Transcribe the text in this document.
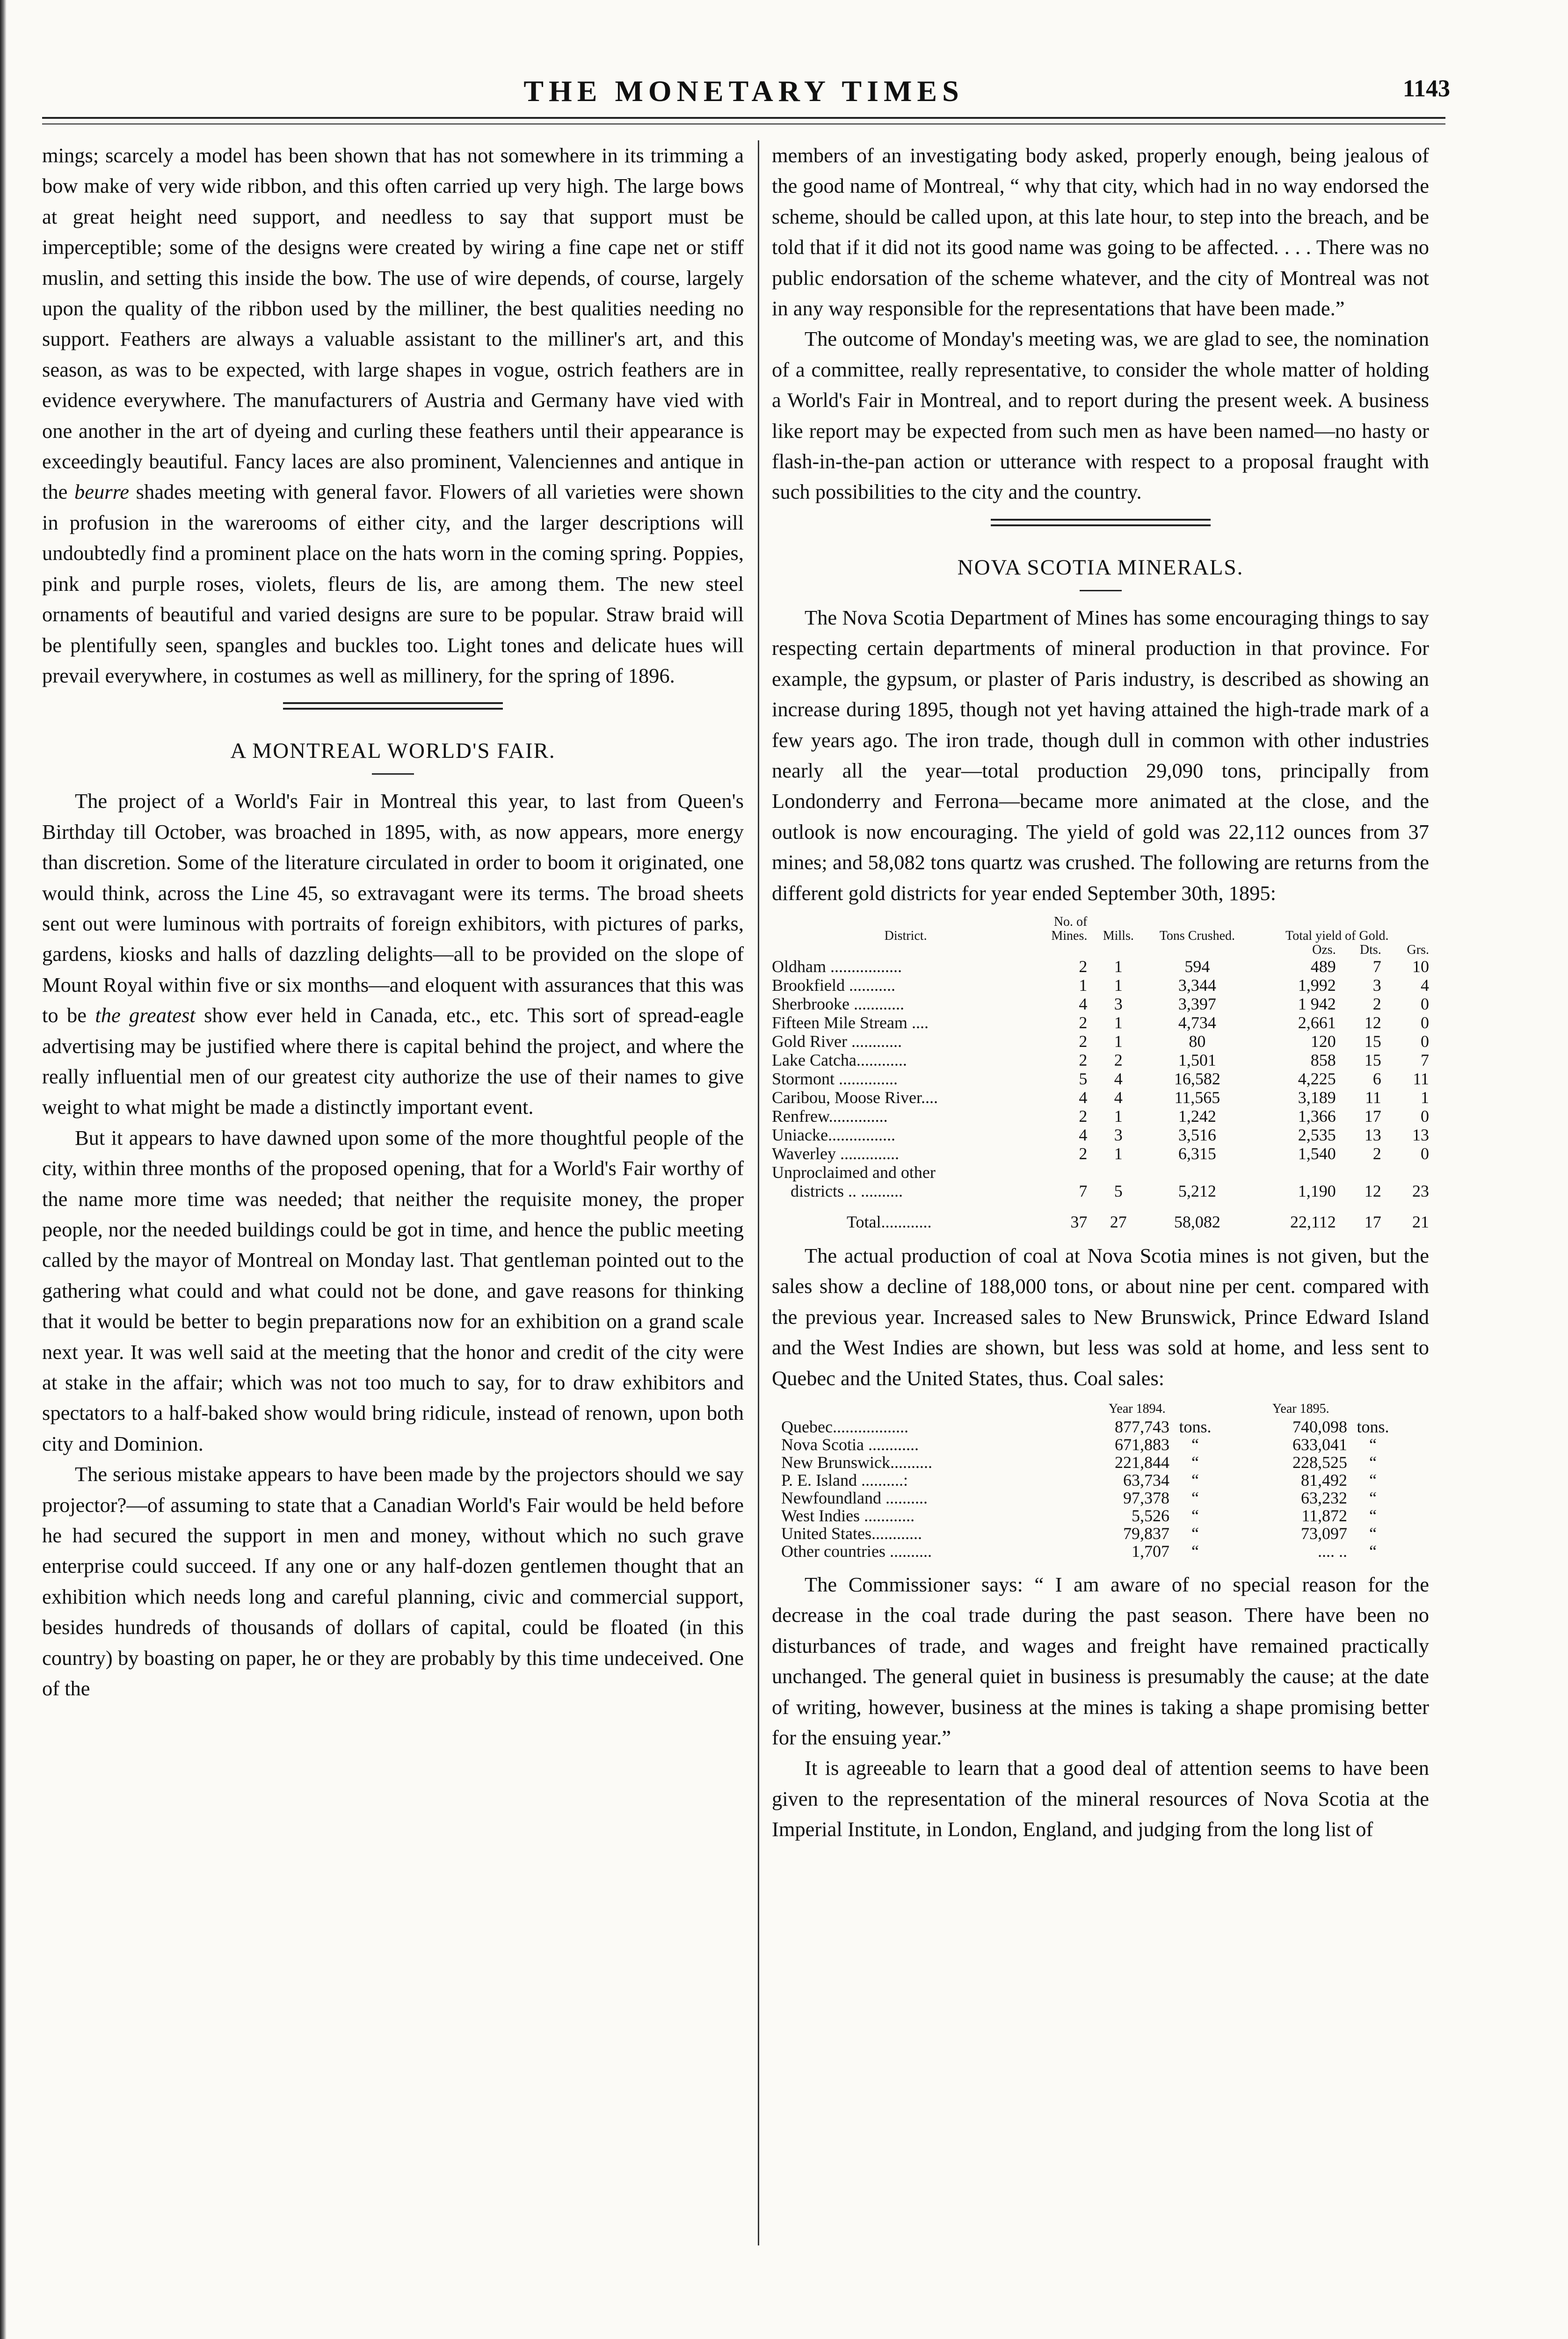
THE MONETARY TIMES	1143

mings; scarcely a model has been shown that has not somewhere in its trimming a bow make of very wide ribbon, and this often carried up very high. The large bows at great height need support, and needless to say that support must be imperceptible; some of the designs were created by wiring a fine cape net or stiff muslin, and setting this inside the bow. The use of wire depends, of course, largely upon the quality of the ribbon used by the milliner, the best qualities needing no support. Feathers are always a valuable assistant to the milliner's art, and this season, as was to be expected, with large shapes in vogue, ostrich feathers are in evidence everywhere. The manufacturers of Austria and Germany have vied with one another in the art of dyeing and curling these feathers until their appearance is exceedingly beautiful. Fancy laces are also prominent, Valenciennes and antique in the beurre shades meeting with general favor. Flowers of all varieties were shown in profusion in the warerooms of either city, and the larger descriptions will undoubtedly find a prominent place on the hats worn in the coming spring. Poppies, pink and purple roses, violets, fleurs de lis, are among them. The new steel ornaments of beautiful and varied designs are sure to be popular. Straw braid will be plentifully seen, spangles and buckles too. Light tones and delicate hues will prevail everywhere, in costumes as well as millinery, for the spring of 1896.

A MONTREAL WORLD'S FAIR.

The project of a World's Fair in Montreal this year, to last from Queen's Birthday till October, was broached in 1895, with, as now appears, more energy than discretion. Some of the literature circulated in order to boom it originated, one would think, across the Line 45, so extravagant were its terms. The broad sheets sent out were luminous with portraits of foreign exhibitors, with pictures of parks, gardens, kiosks and halls of dazzling delights—all to be provided on the slope of Mount Royal within five or six months—and eloquent with assurances that this was to be the greatest show ever held in Canada, etc., etc. This sort of spread-eagle advertising may be justified where there is capital behind the project, and where the really influential men of our greatest city authorize the use of their names to give weight to what might be made a distinctly important event.

But it appears to have dawned upon some of the more thoughtful people of the city, within three months of the proposed opening, that for a World's Fair worthy of the name more time was needed; that neither the requisite money, the proper people, nor the needed buildings could be got in time, and hence the public meeting called by the mayor of Montreal on Monday last. That gentleman pointed out to the gathering what could and what could not be done, and gave reasons for thinking that it would be better to begin preparations now for an exhibition on a grand scale next year. It was well said at the meeting that the honor and credit of the city were at stake in the affair; which was not too much to say, for to draw exhibitors and spectators to a half-baked show would bring ridicule, instead of renown, upon both city and Dominion.

The serious mistake appears to have been made by the projectors should we say projector?—of assuming to state that a Canadian World's Fair would be held before he had secured the support in men and money, without which no such grave enterprise could succeed. If any one or any half-dozen gentlemen thought that an exhibition which needs long and careful planning, civic and commercial support, besides hundreds of thousands of dollars of capital, could be floated (in this country) by boasting on paper, he or they are probably by this time undeceived. One of the

members of an investigating body asked, properly enough, being jealous of the good name of Montreal, “ why that city, which had in no way endorsed the scheme, should be called upon, at this late hour, to step into the breach, and be told that if it did not its good name was going to be affected. . . . There was no public endorsation of the scheme whatever, and the city of Montreal was not in any way responsible for the representations that have been made.”

The outcome of Monday's meeting was, we are glad to see, the nomination of a committee, really representative, to consider the whole matter of holding a World's Fair in Montreal, and to report during the present week. A business like report may be expected from such men as have been named—no hasty or flash-in-the-pan action or utterance with respect to a proposal fraught with such possibilities to the city and the country.

NOVA SCOTIA MINERALS.

The Nova Scotia Department of Mines has some encouraging things to say respecting certain departments of mineral production in that province. For example, the gypsum, or plaster of Paris industry, is described as showing an increase during 1895, though not yet having attained the high-trade mark of a few years ago. The iron trade, though dull in common with other industries nearly all the year—total production 29,090 tons, principally from Londonderry and Ferrona—became more animated at the close, and the outlook is now encouraging. The yield of gold was 22,112 ounces from 37 mines; and 58,082 tons quartz was crushed. The following are returns from the different gold districts for year ended September 30th, 1895:

District.	No. of Mines.	Mills.	Tons Crushed.	Total yield of Gold.		
				Ozs.	Dts.	Grs.
Oldham .................	2	1	594	489	7	10
Brookfield ...........	1	1	3,344	1,992	3	4
Sherbrooke ............	4	3	3,397	1 942	2	0
Fifteen Mile Stream ....	2	1	4,734	2,661	12	0
Gold River ............	2	1	80	120	15	0
Lake Catcha............	2	2	1,501	858	15	7
Stormont ..............	5	4	16,582	4,225	6	11
Caribou, Moose River....	4	4	11,565	3,189	11	1
Renfrew..............	2	1	1,242	1,366	17	0
Uniacke................	4	3	3,516	2,535	13	13
Waverley ..............	2	1	6,315	1,540	2	0
Unproclaimed and other						
districts .. ..........	7	5	5,212	1,190	12	23
Total............	37	27	58,082	22,112	17	21

The actual production of coal at Nova Scotia mines is not given, but the sales show a decline of 188,000 tons, or about nine per cent. compared with the previous year. Increased sales to New Brunswick, Prince Edward Island and the West Indies are shown, but less was sold at home, and less sent to Quebec and the United States, thus. Coal sales:

	Year 1894.		Year 1895.	
Quebec..................	877,743	tons.	740,098	tons.
Nova Scotia ............	671,883	“	633,041	“
New Brunswick..........	221,844	“	228,525	“
P. E. Island ..........:	63,734	“	81,492	“
Newfoundland ..........	97,378	“	63,232	“
West Indies ............	5,526	“	11,872	“
United States............	79,837	“	73,097	“
Other countries ..........	1,707	“	.... ..	“

The Commissioner says: “ I am aware of no special reason for the decrease in the coal trade during the past season. There have been no disturbances of trade, and wages and freight have remained practically unchanged. The general quiet in business is presumably the cause; at the date of writing, however, business at the mines is taking a shape promising better for the ensuing year.”

It is agreeable to learn that a good deal of attention seems to have been given to the representation of the mineral resources of Nova Scotia at the Imperial Institute, in London, England, and judging from the long list of
